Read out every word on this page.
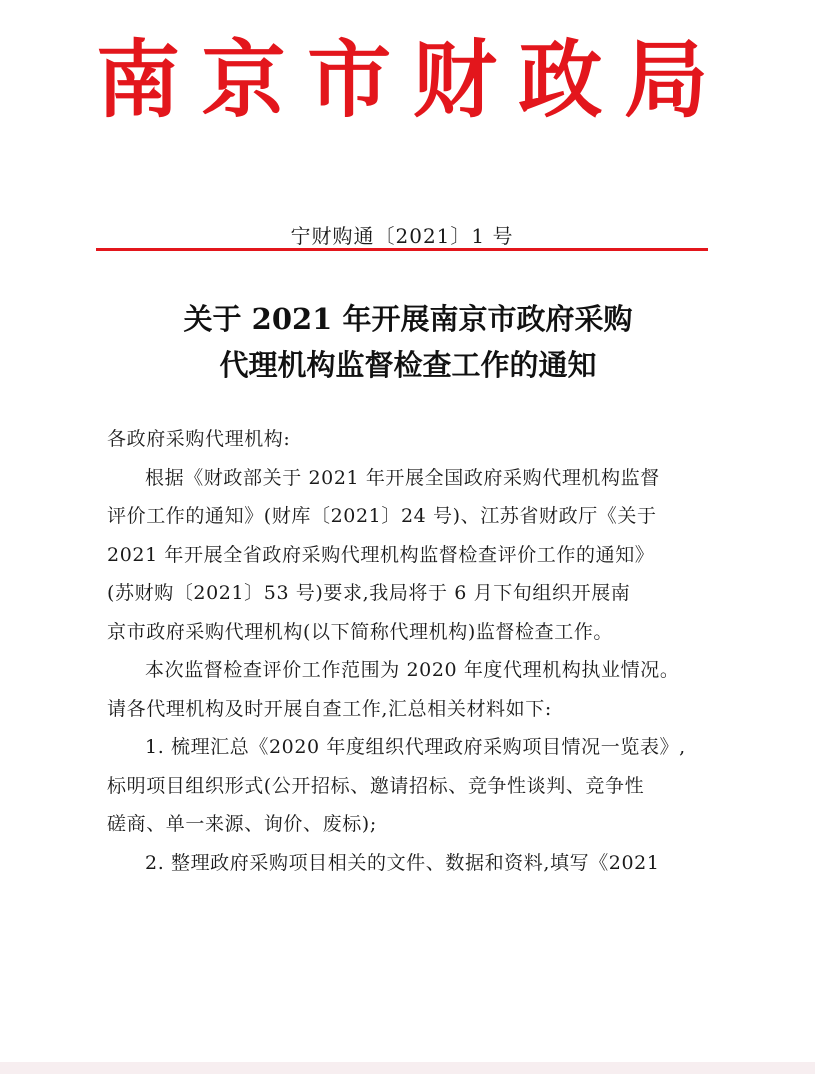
南 京 市 财 政 局
宁财购通〔2021〕1 号
关于 2021 年开展南京市政府采购
代理机构监督检查工作的通知
各政府采购代理机构:
根据《财政部关于 2021 年开展全国政府采购代理机构监督
评价工作的通知》(财库〔2021〕24 号)、江苏省财政厅《关于
2021 年开展全省政府采购代理机构监督检查评价工作的通知》
(苏财购〔2021〕53 号)要求,我局将于 6 月下旬组织开展南
京市政府采购代理机构(以下简称代理机构)监督检查工作。
本次监督检查评价工作范围为 2020 年度代理机构执业情况。
请各代理机构及时开展自查工作,汇总相关材料如下:
1. 梳理汇总《2020 年度组织代理政府采购项目情况一览表》,
标明项目组织形式(公开招标、邀请招标、竞争性谈判、竞争性
磋商、单一来源、询价、废标);
2. 整理政府采购项目相关的文件、数据和资料,填写《2021
